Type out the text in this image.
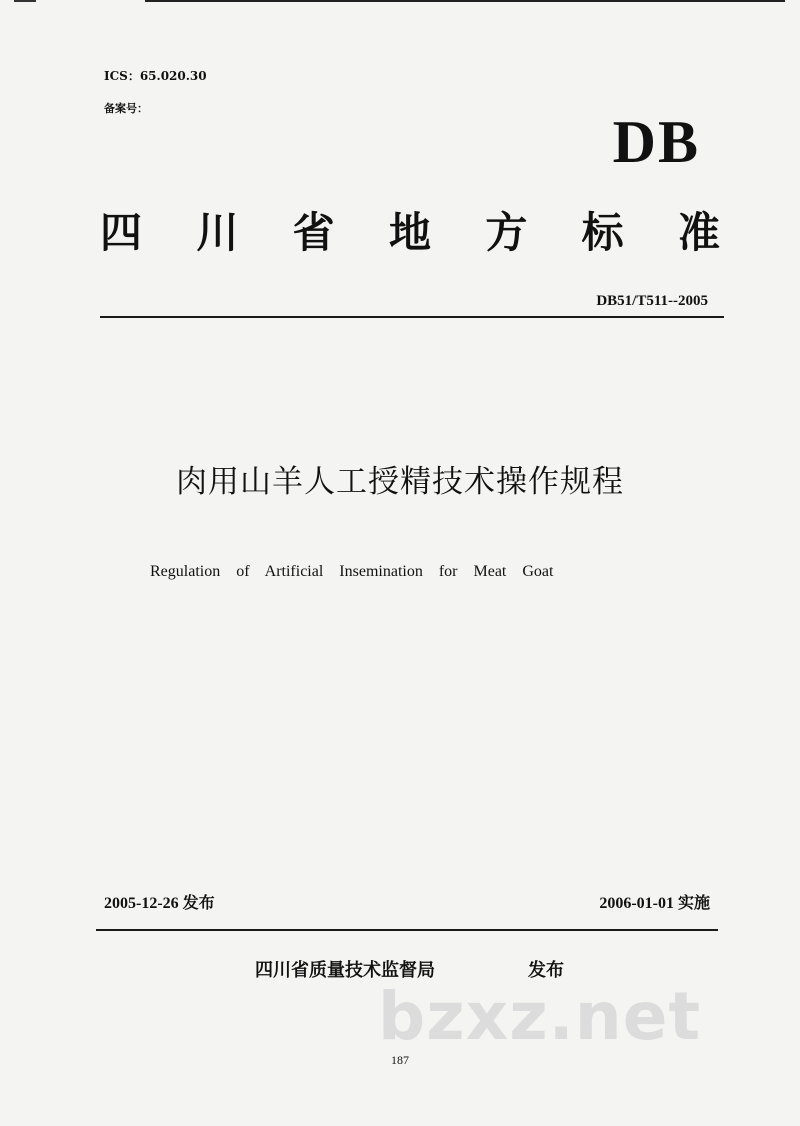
ICS：65.020.30
备案号：
DB
四 川 省 地 方 标 准
DB51/T511--2005
肉用山羊人工授精技术操作规程
Regulation of Artificial Insemination for Meat Goat
2005-12-26 发布	2006-01-01 实施
四川省质量技术监督局	发布
bzxz.net
187
